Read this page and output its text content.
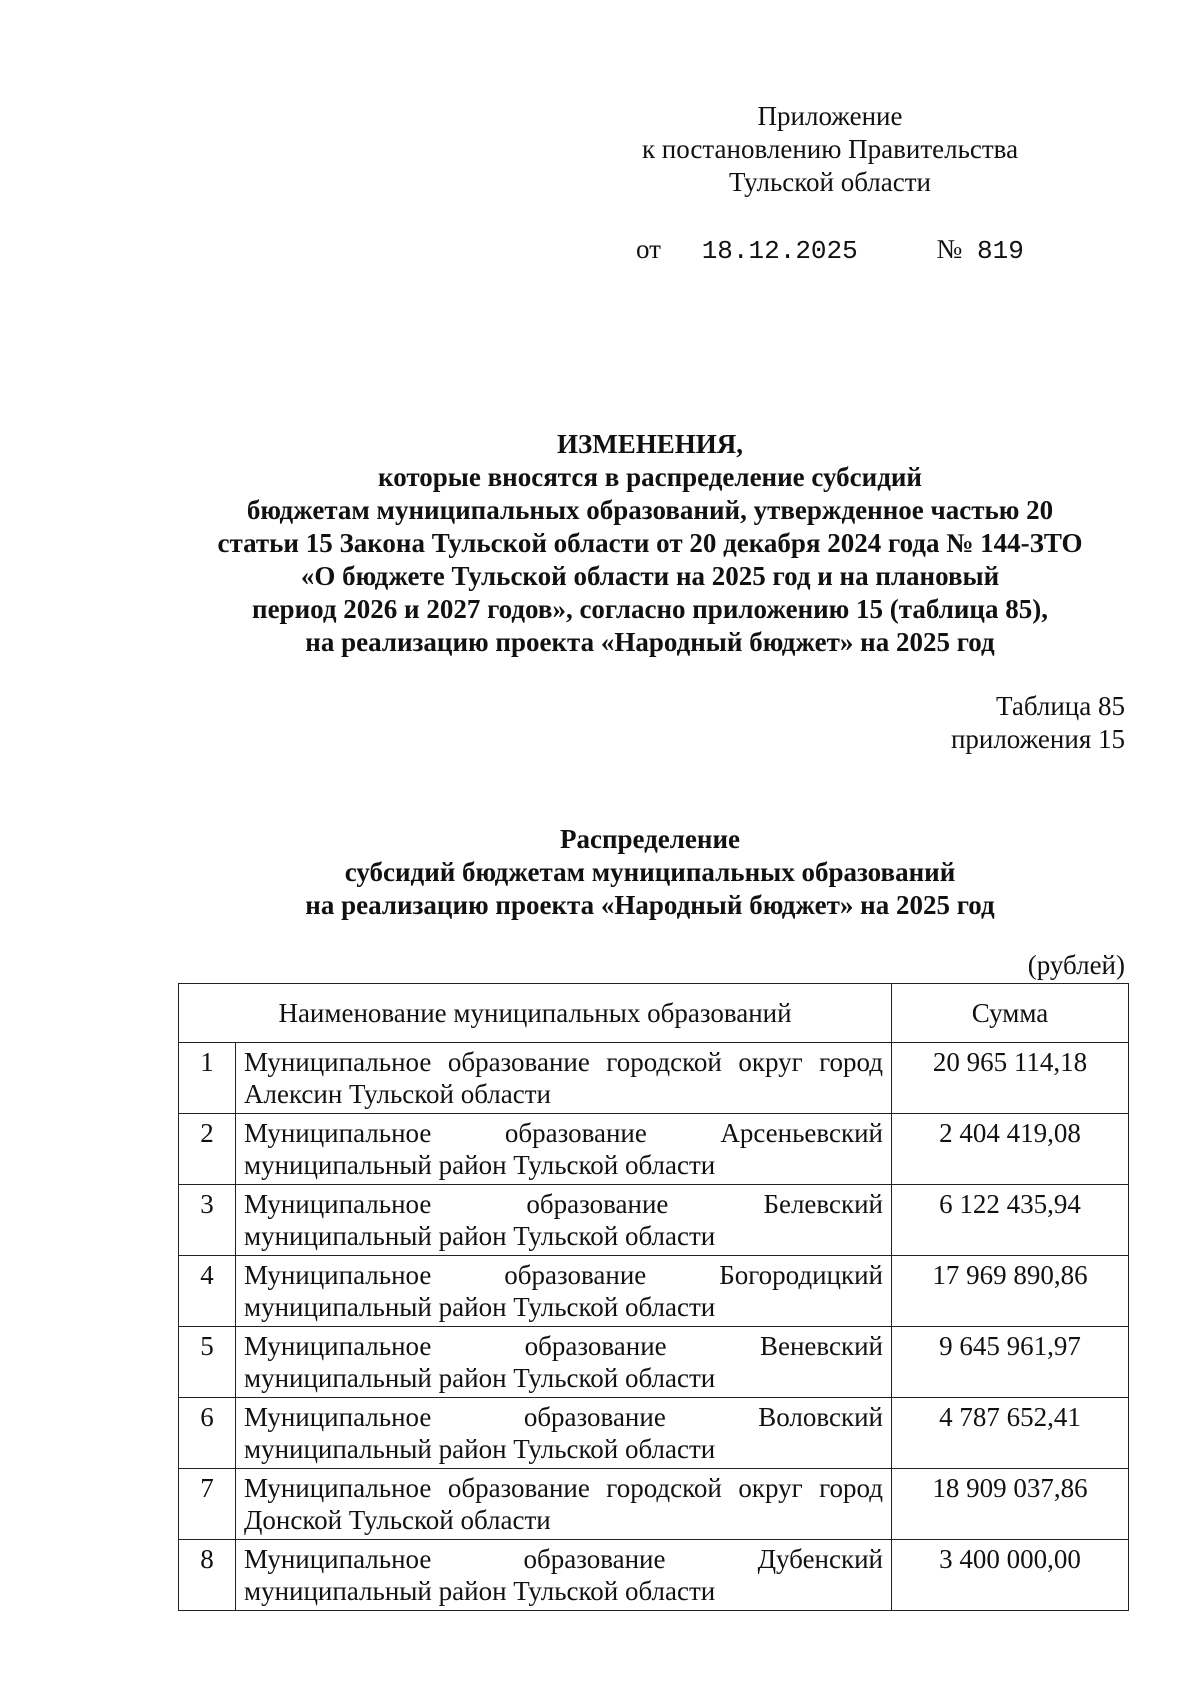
Приложение
к постановлению Правительства
Тульской области
от 18.12.2025	№ 819
ИЗМЕНЕНИЯ,
которые вносятся в распределение субсидий
бюджетам муниципальных образований, утвержденное частью 20
статьи 15 Закона Тульской области от 20 декабря 2024 года № 144-ЗТО
«О бюджете Тульской области на 2025 год и на плановый
период 2026 и 2027 годов», согласно приложению 15 (таблица 85),
на реализацию проекта «Народный бюджет» на 2025 год
Таблица 85
приложения 15
Распределение
субсидий бюджетам муниципальных образований
на реализацию проекта «Народный бюджет» на 2025 год
(рублей)
Наименование муниципальных образований		Сумма
1	Муниципальное образование городской округ город Алексин Тульской области	20 965 114,18
2	Муниципальное образование Арсеньевский муниципальный район Тульской области	2 404 419,08
3	Муниципальное образование Белевский муниципальный район Тульской области	6 122 435,94
4	Муниципальное образование Богородицкий муниципальный район Тульской области	17 969 890,86
5	Муниципальное образование Веневский муниципальный район Тульской области	9 645 961,97
6	Муниципальное образование Воловский муниципальный район Тульской области	4 787 652,41
7	Муниципальное образование городской округ город Донской Тульской области	18 909 037,86
8	Муниципальное образование Дубенский муниципальный район Тульской области	3 400 000,00
